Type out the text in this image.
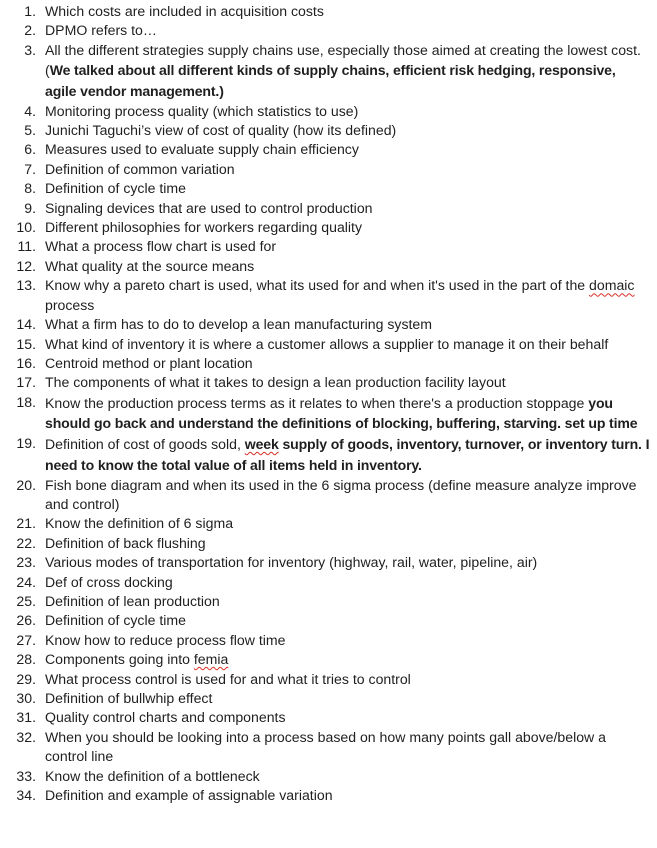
1. Which costs are included in acquisition costs
2. DPMO refers to…
3. All the different strategies supply chains use, especially those aimed at creating the lowest cost. (We talked about all different kinds of supply chains, efficient risk hedging, responsive, agile vendor management.)
4. Monitoring process quality (which statistics to use)
5. Junichi Taguchi’s view of cost of quality (how its defined)
6. Measures used to evaluate supply chain efficiency
7. Definition of common variation
8. Definition of cycle time
9. Signaling devices that are used to control production
10. Different philosophies for workers regarding quality
11. What a process flow chart is used for
12. What quality at the source means
13. Know why a pareto chart is used, what its used for and when it's used in the part of the domaic process
14. What a firm has to do to develop a lean manufacturing system
15. What kind of inventory it is where a customer allows a supplier to manage it on their behalf
16. Centroid method or plant location
17. The components of what it takes to design a lean production facility layout
18. Know the production process terms as it relates to when there's a production stoppage you should go back and understand the definitions of blocking, buffering, starving. set up time
19. Definition of cost of goods sold, week supply of goods, inventory, turnover, or inventory turn. I need to know the total value of all items held in inventory.
20. Fish bone diagram and when its used in the 6 sigma process (define measure analyze improve and control)
21. Know the definition of 6 sigma
22. Definition of back flushing
23. Various modes of transportation for inventory (highway, rail, water, pipeline, air)
24. Def of cross docking
25. Definition of lean production
26. Definition of cycle time
27. Know how to reduce process flow time
28. Components going into femia
29. What process control is used for and what it tries to control
30. Definition of bullwhip effect
31. Quality control charts and components
32. When you should be looking into a process based on how many points gall above/below a control line
33. Know the definition of a bottleneck
34. Definition and example of assignable variation
